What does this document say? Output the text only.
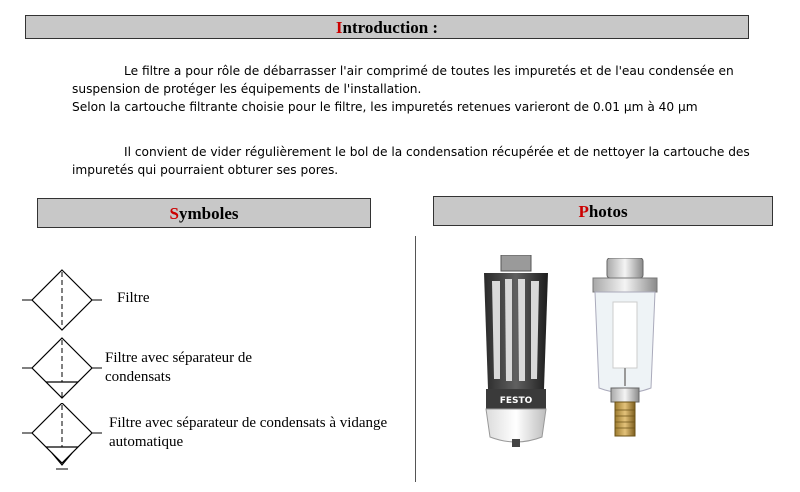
Introduction :

Le filtre a pour rôle de débarrasser l'air comprimé de toutes les impuretés et de l'eau condensée en suspension de protéger les équipements de l'installation.

Selon la cartouche filtrante choisie pour le filtre, les impuretés retenues varieront de 0.01 µm à 40 µm

Il convient de vider régulièrement le bol de la condensation récupérée et de nettoyer la cartouche des impuretés qui pourraient obturer ses pores.

Symboles	Photos
Filtre
Filtre avec séparateur de condensats
Filtre avec séparateur de condensats à vidange automatique
FESTO
